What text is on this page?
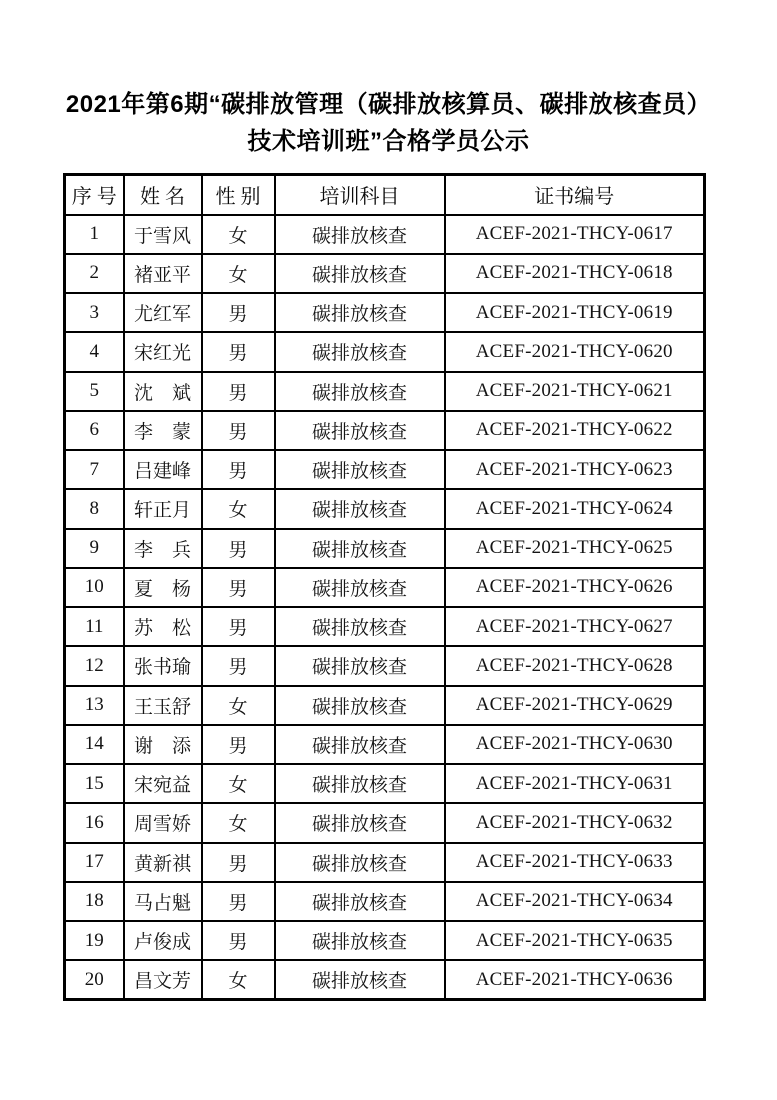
2021年第6期“碳排放管理（碳排放核算员、碳排放核查员）
技术培训班”合格学员公示
序 号	姓 名	性 别	培训科目	证书编号
1	于雪风	女	碳排放核查	ACEF-2021-THCY-0617
2	褚亚平	女	碳排放核查	ACEF-2021-THCY-0618
3	尤红军	男	碳排放核查	ACEF-2021-THCY-0619
4	宋红光	男	碳排放核查	ACEF-2021-THCY-0620
5	沈　斌	男	碳排放核查	ACEF-2021-THCY-0621
6	李　蒙	男	碳排放核查	ACEF-2021-THCY-0622
7	吕建峰	男	碳排放核查	ACEF-2021-THCY-0623
8	轩正月	女	碳排放核查	ACEF-2021-THCY-0624
9	李　兵	男	碳排放核查	ACEF-2021-THCY-0625
10	夏　杨	男	碳排放核查	ACEF-2021-THCY-0626
11	苏　松	男	碳排放核查	ACEF-2021-THCY-0627
12	张书瑜	男	碳排放核查	ACEF-2021-THCY-0628
13	王玉舒	女	碳排放核查	ACEF-2021-THCY-0629
14	谢　添	男	碳排放核查	ACEF-2021-THCY-0630
15	宋宛益	女	碳排放核查	ACEF-2021-THCY-0631
16	周雪娇	女	碳排放核查	ACEF-2021-THCY-0632
17	黄新祺	男	碳排放核查	ACEF-2021-THCY-0633
18	马占魁	男	碳排放核查	ACEF-2021-THCY-0634
19	卢俊成	男	碳排放核查	ACEF-2021-THCY-0635
20	昌文芳	女	碳排放核查	ACEF-2021-THCY-0636
